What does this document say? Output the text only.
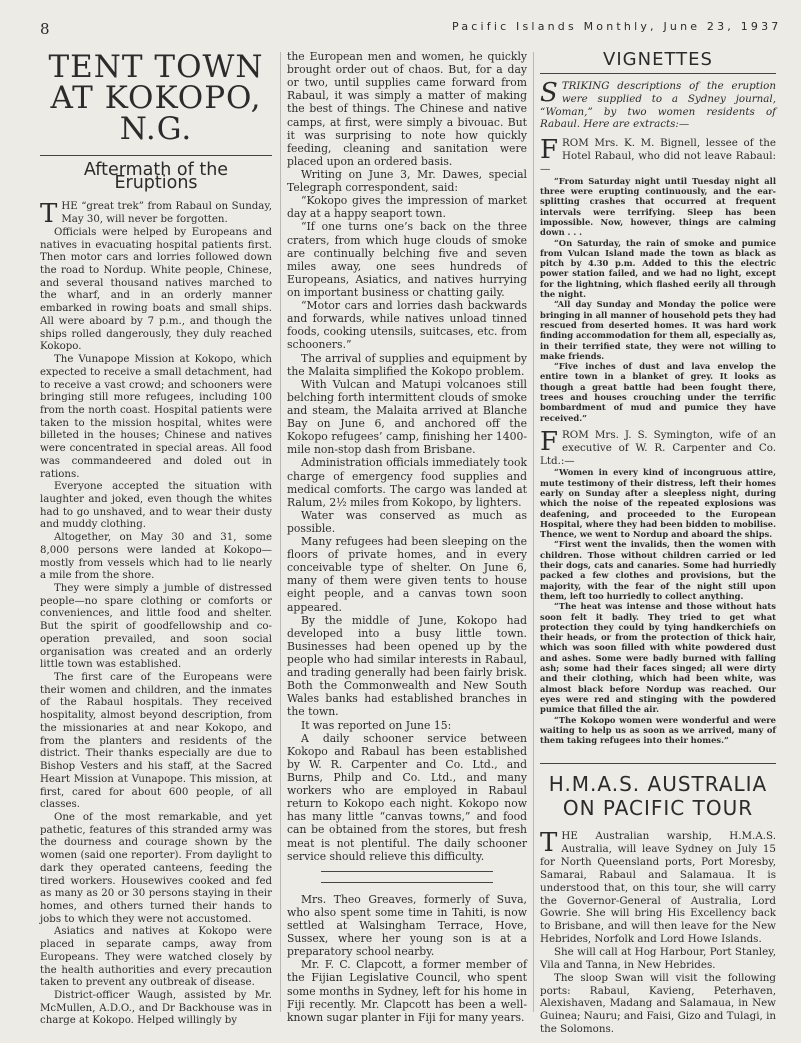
8	Pacific Islands Monthly, June 23, 1937
TENT TOWN AT KOKOPO, N.G.
Aftermath of the Eruptions

THE “great trek” from Rabaul on Sunday, May 30, will never be forgotten.

Officials were helped by Europeans and natives in evacuating hospital patients first. Then motor cars and lorries followed down the road to Nordup. White people, Chinese, and several thousand natives marched to the wharf, and in an orderly manner embarked in rowing boats and small ships. All were aboard by 7 p.m., and though the ships rolled dangerously, they duly reached Kokopo.

The Vunapope Mission at Kokopo, which expected to receive a small detachment, had to receive a vast crowd; and schooners were bringing still more refugees, including 100 from the north coast. Hospital patients were taken to the mission hospital, whites were billeted in the houses; Chinese and natives were concentrated in special areas. All food was commandeered and doled out in rations.

Everyone accepted the situation with laughter and joked, even though the whites had to go unshaved, and to wear their dusty and muddy clothing.

Altogether, on May 30 and 31, some 8,000 persons were landed at Kokopo—mostly from vessels which had to lie nearly a mile from the shore.

They were simply a jumble of distressed people—no spare clothing or comforts or conveniences, and little food and shelter. But the spirit of goodfellowship and co-operation prevailed, and soon social organisation was created and an orderly little town was established.

The first care of the Europeans were their women and children, and the inmates of the Rabaul hospitals. They received hospitality, almost beyond description, from the missionaries at and near Kokopo, and from the planters and residents of the district. Their thanks especially are due to Bishop Vesters and his staff, at the Sacred Heart Mission at Vunapope. This mission, at first, cared for about 600 people, of all classes.

One of the most remarkable, and yet pathetic, features of this stranded army was the dourness and courage shown by the women (said one reporter). From daylight to dark they operated canteens, feeding the tired workers. Housewives cooked and fed as many as 20 or 30 persons staying in their homes, and others turned their hands to jobs to which they were not accustomed.

Asiatics and natives at Kokopo were placed in separate camps, away from Europeans. They were watched closely by the health authorities and every precaution taken to prevent any outbreak of disease.

District-officer Waugh, assisted by Mr. McMullen, A.D.O., and Dr Backhouse was in charge at Kokopo. Helped willingly by

the European men and women, he quickly brought order out of chaos. But, for a day or two, until supplies came forward from Rabaul, it was simply a matter of making the best of things. The Chinese and native camps, at first, were simply a bivouac. But it was surprising to note how quickly feeding, cleaning and sanitation were placed upon an ordered basis.

Writing on June 3, Mr. Dawes, special Telegraph correspondent, said:

“Kokopo gives the impression of market day at a happy seaport town.

“If one turns one’s back on the three craters, from which huge clouds of smoke are continually belching five and seven miles away, one sees hundreds of Europeans, Asiatics, and natives hurrying on important business or chatting gaily.

“Motor cars and lorries dash backwards and forwards, while natives unload tinned foods, cooking utensils, suitcases, etc. from schooners.”

The arrival of supplies and equipment by the Malaita simplified the Kokopo problem.

With Vulcan and Matupi volcanoes still belching forth intermittent clouds of smoke and steam, the Malaita arrived at Blanche Bay on June 6, and anchored off the Kokopo refugees’ camp, finishing her 1400-mile non-stop dash from Brisbane.

Administration officials immediately took charge of emergency food supplies and medical comforts. The cargo was landed at Ralum, 2½ miles from Kokopo, by lighters.

Water was conserved as much as possible.

Many refugees had been sleeping on the floors of private homes, and in every conceivable type of shelter. On June 6, many of them were given tents to house eight people, and a canvas town soon appeared.

By the middle of June, Kokopo had developed into a busy little town. Businesses had been opened up by the people who had similar interests in Rabaul, and trading generally had been fairly brisk. Both the Commonwealth and New South Wales banks had established branches in the town.

It was reported on June 15:

A daily schooner service between Kokopo and Rabaul has been established by W. R. Carpenter and Co. Ltd., and Burns, Philp and Co. Ltd., and many workers who are employed in Rabaul return to Kokopo each night. Kokopo now has many little “canvas towns,” and food can be obtained from the stores, but fresh meat is not plentiful. The daily schooner service should relieve this difficulty.

Mrs. Theo Greaves, formerly of Suva, who also spent some time in Tahiti, is now settled at Walsingham Terrace, Hove, Sussex, where her young son is at a preparatory school nearby.

Mr. F. C. Clapcott, a former member of the Fijian Legislative Council, who spent some months in Sydney, left for his home in Fiji recently. Mr. Clapcott has been a well-known sugar planter in Fiji for many years.

VIGNETTES

STRIKING descriptions of the eruption were supplied to a Sydney journal, “Woman,” by two women residents of Rabaul. Here are extracts:—

FROM Mrs. K. M. Bignell, lessee of the Hotel Rabaul, who did not leave Rabaul:—

“From Saturday night until Tuesday night all three were erupting continuously, and the ear-splitting crashes that occurred at frequent intervals were terrifying. Sleep has been impossible. Now, however, things are calming down . . .

“On Saturday, the rain of smoke and pumice from Vulcan Island made the town as black as pitch by 4.30 p.m. Added to this the electric power station failed, and we had no light, except for the lightning, which flashed eerily all through the night.

“All day Sunday and Monday the police were bringing in all manner of household pets they had rescued from deserted homes. It was hard work finding accommodation for them all, especially as, in their terrified state, they were not willing to make friends.

“Five inches of dust and lava envelop the entire town in a blanket of grey. It looks as though a great battle had been fought there, trees and houses crouching under the terrific bombardment of mud and pumice they have received.”

FROM Mrs. J. S. Symington, wife of an executive of W. R. Carpenter and Co. Ltd.:—

“Women in every kind of incongruous attire, mute testimony of their distress, left their homes early on Sunday after a sleepless night, during which the noise of the repeated explosions was deafening, and proceeded to the European Hospital, where they had been bidden to mobilise. Thence, we went to Nordup and aboard the ships.

“First went the invalids, then the women with children. Those without children carried or led their dogs, cats and canaries. Some had hurriedly packed a few clothes and provisions, but the majority, with the fear of the night still upon them, left too hurriedly to collect anything.

“The heat was intense and those without hats soon felt it badly. They tried to get what protection they could by tying handkerchiefs on their heads, or from the protection of thick hair, which was soon filled with white powdered dust and ashes. Some were badly burned with falling ash; some had their faces singed; all were dirty and their clothing, which had been white, was almost black before Nordup was reached. Our eyes were red and stinging with the powdered pumice that filled the air.

“The Kokopo women were wonderful and were waiting to help us as soon as we arrived, many of them taking refugees into their homes.”

H.M.A.S. AUSTRALIA ON PACIFIC TOUR

THE Australian warship, H.M.A.S. Australia, will leave Sydney on July 15 for North Queensland ports, Port Moresby, Samarai, Rabaul and Salamaua. It is understood that, on this tour, she will carry the Governor-General of Australia, Lord Gowrie. She will bring His Excellency back to Brisbane, and will then leave for the New Hebrides, Norfolk and Lord Howe Islands.

She will call at Hog Harbour, Port Stanley, Vila and Tanna, in New Hebrides.

The sloop Swan will visit the following ports: Rabaul, Kavieng, Peterhaven, Alexishaven, Madang and Salamaua, in New Guinea; Nauru; and Faisi, Gizo and Tulagi, in the Solomons.
